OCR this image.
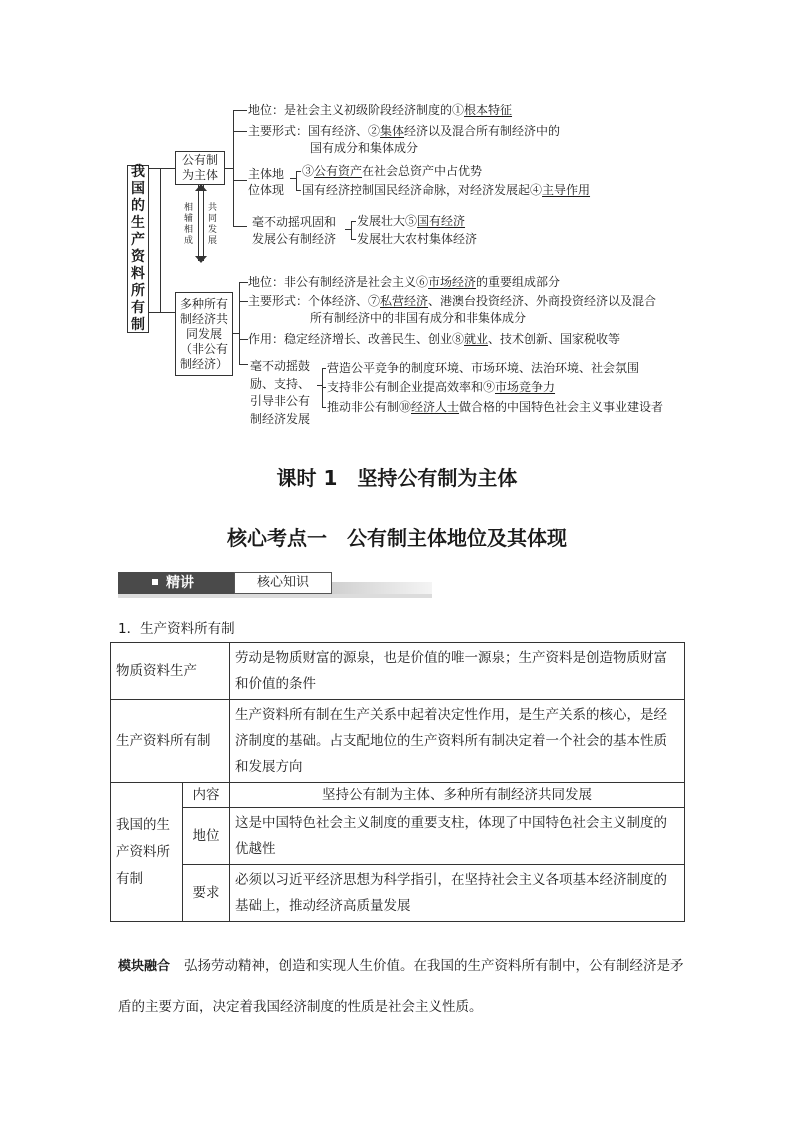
我国的生产资料所有制
公有制为主体
相辅相成
共同发展
多种所有制经济共同发展（非公有制经济）
地位：是社会主义初级阶段经济制度的①根本特征
主要形式：国有经济、②集体经济以及混合所有制经济中的
国有成分和集体成分
主体地位体现
③公有资产在社会总资产中占优势
国有经济控制国民经济命脉，对经济发展起④主导作用
毫不动摇巩固和发展公有制经济
发展壮大⑤国有经济
发展壮大农村集体经济
地位：非公有制经济是社会主义⑥市场经济的重要组成部分
主要形式：个体经济、⑦私营经济、港澳台投资经济、外商投资经济以及混合
所有制经济中的非国有成分和非集体成分
作用：稳定经济增长、改善民生、创业⑧就业、技术创新、国家税收等
毫不动摇鼓励、支持、引导非公有制经济发展
营造公平竞争的制度环境、市场环境、法治环境、社会氛围
支持非公有制企业提高效率和⑨市场竞争力
推动非公有制⑩经济人士做合格的中国特色社会主义事业建设者
课时 1　坚持公有制为主体
核心考点一　公有制主体地位及其体现
精讲	核心知识
1．生产资料所有制
物质资料生产		劳动是物质财富的源泉，也是价值的唯一源泉；生产资料是创造物质财富和价值的条件
生产资料所有制		生产资料所有制在生产关系中起着决定性作用，是生产关系的核心，是经济制度的基础。占支配地位的生产资料所有制决定着一个社会的基本性质和发展方向
我国的生产资料所有制	内容	坚持公有制为主体、多种所有制经济共同发展
	地位	这是中国特色社会主义制度的重要支柱，体现了中国特色社会主义制度的优越性
	要求	必须以习近平经济思想为科学指引，在坚持社会主义各项基本经济制度的基础上，推动经济高质量发展
模块融合 弘扬劳动精神，创造和实现人生价值。在我国的生产资料所有制中，公有制经济是矛盾的主要方面，决定着我国经济制度的性质是社会主义性质。
